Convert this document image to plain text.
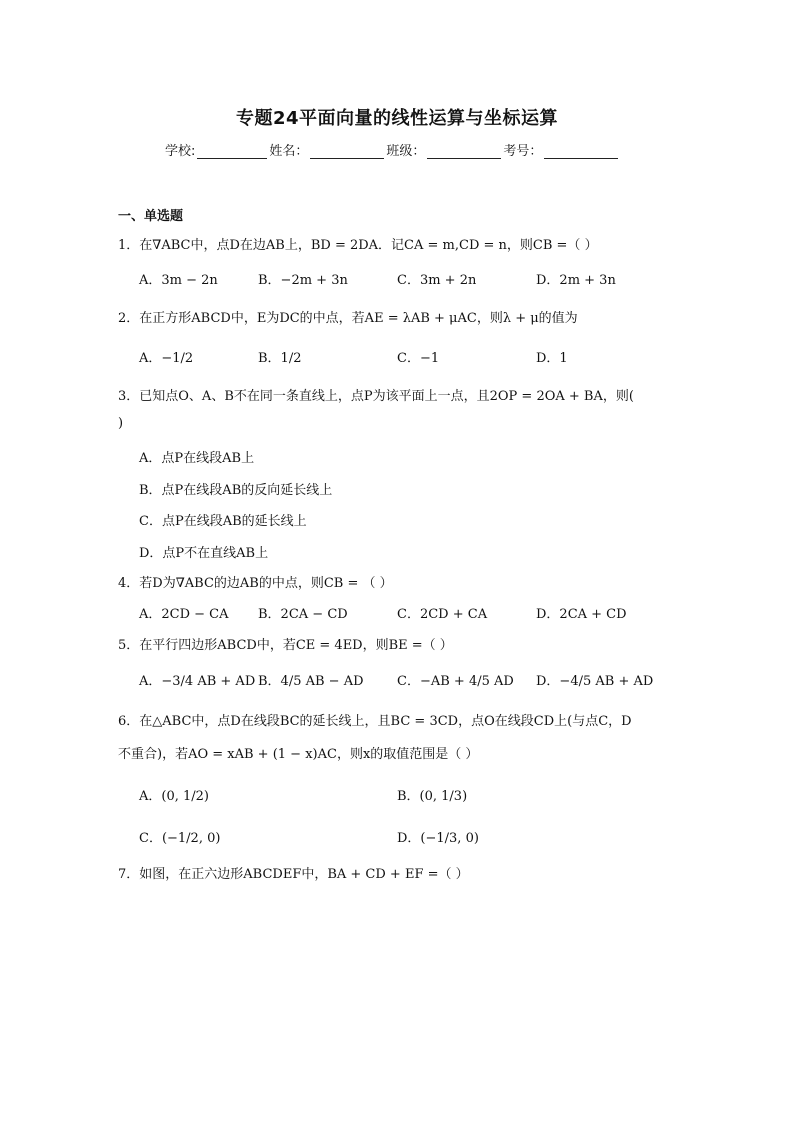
专题24平面向量的线性运算与坐标运算
学校:	姓名：	班级：	考号：
一、单选题
1．在∇ABC中，点D在边AB上，BD = 2DA．记CA = m,CD = n，则CB =（ ）
A．3m − 2n	B．−2m + 3n	C．3m + 2n	D．2m + 3n
2．在正方形ABCD中，E为DC的中点，若AE = λAB + μAC，则λ + μ的值为
A．−1/2	B．1/2	C．−1	D．1
3．已知点O、A、B不在同一条直线上，点P为该平面上一点，且2OP = 2OA + BA，则(
)
A．点P在线段AB上
B．点P在线段AB的反向延长线上
C．点P在线段AB的延长线上
D．点P不在直线AB上
4．若D为∇ABC的边AB的中点，则CB = （ ）
A．2CD − CA B．2CA − CD	C．2CD + CA	D．2CA + CD
5．在平行四边形ABCD中，若CE = 4ED，则BE =（ ）
A．−3/4 AB + AD B．4/5 AB − AD	C．−AB + 4/5 AD D．−4/5 AB + AD
6．在△ABC中，点D在线段BC的延长线上，且BC = 3CD，点O在线段CD上(与点C，D
不重合)，若AO = xAB + (1 − x)AC，则x的取值范围是（ ）
A．(0, 1/2)	B．(0, 1/3)
C．(−1/2, 0)	D．(−1/3, 0)
7．如图，在正六边形ABCDEF中，BA + CD + EF =（ ）
